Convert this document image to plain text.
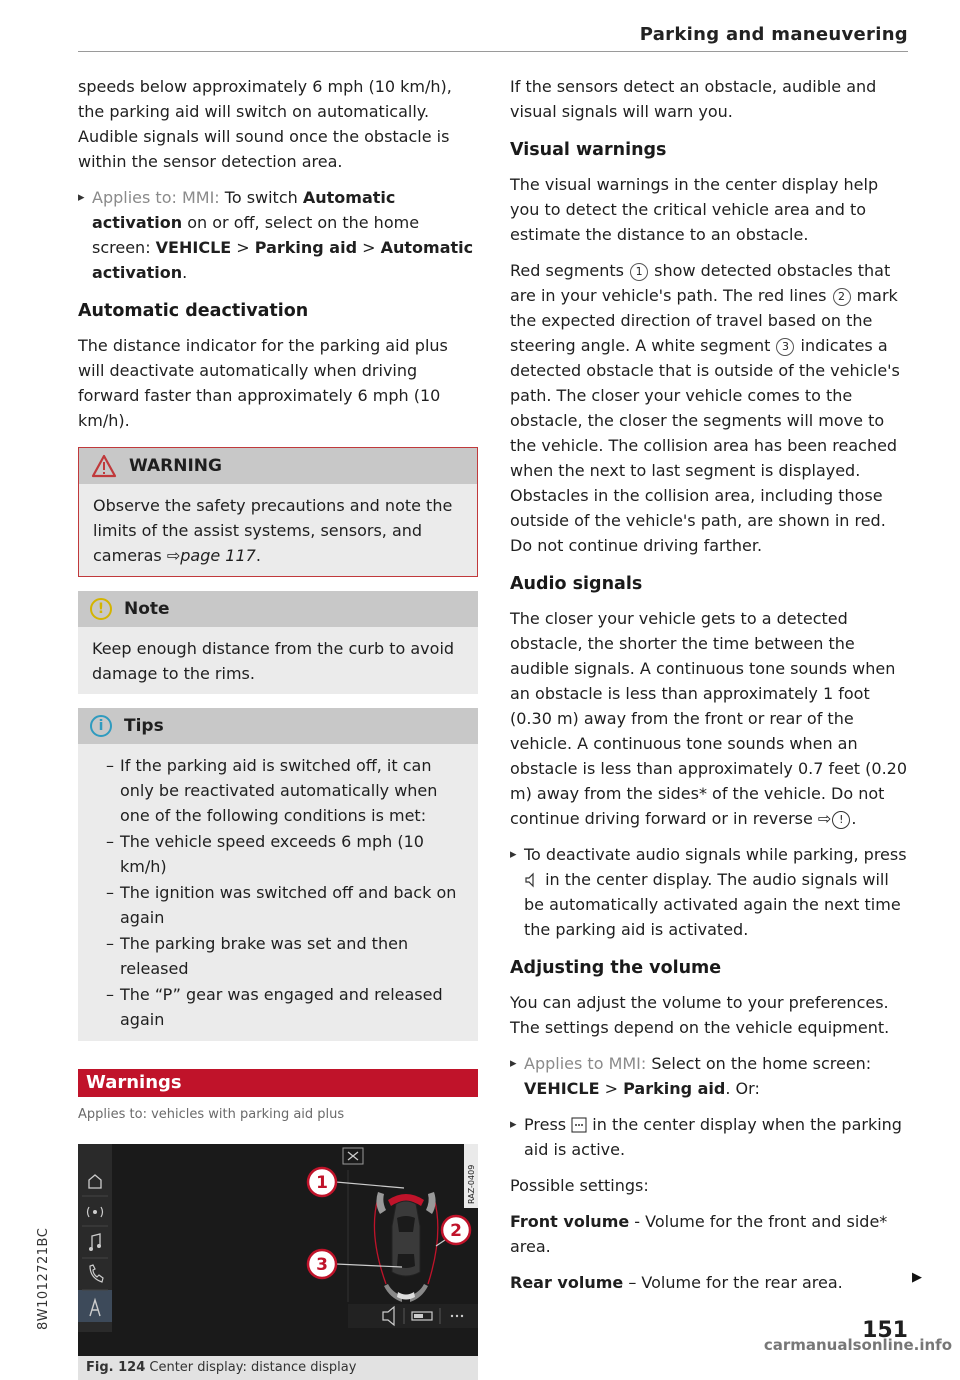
Parking and maneuvering

speeds below approximately 6 mph (10 km/h), the parking aid will switch on automatically. Audible signals will sound once the obstacle is within the sensor detection area.

▸ Applies to: MMI: To switch Automatic activation on or off, select on the home screen: VEHICLE > Parking aid > Automatic activation.
Automatic deactivation

The distance indicator for the parking aid plus will deactivate automatically when driving forward faster than approximately 6 mph (10 km/h).

WARNING
Observe the safety precautions and note the limits of the assist systems, sensors, and cameras ⇨page 117.
!	Note
Keep enough distance from the curb to avoid damage to the rims.
i	Tips
– If the parking aid is switched off, it can only be reactivated automatically when one of the following conditions is met:
– The vehicle speed exceeds 6 mph (10 km/h)
– The ignition was switched off and back on again
– The parking brake was set and then released
– The “P” gear was engaged and released again
Warnings
Applies to: vehicles with parking aid plus
1
2
3
RAZ-0409
Fig. 124 Center display: distance display

If the sensors detect an obstacle, audible and visual signals will warn you.

Visual warnings

The visual warnings in the center display help you to detect the critical vehicle area and to estimate the distance to an obstacle.

Red segments 1 show detected obstacles that are in your vehicle's path. The red lines 2 mark the expected direction of travel based on the steering angle. A white segment 3 indicates a detected obstacle that is outside of the vehicle's path. The closer your vehicle comes to the obstacle, the closer the segments will move to the vehicle. The collision area has been reached when the next to last segment is displayed. Obstacles in the collision area, including those outside of the vehicle's path, are shown in red. Do not continue driving farther.

Audio signals

The closer your vehicle gets to a detected obstacle, the shorter the time between the audible signals. A continuous tone sounds when an obstacle is less than approximately 1 foot (0.30 m) away from the front or rear of the vehicle. A continuous tone sounds when an obstacle is less than approximately 0.7 feet (0.20 m) away from the sides* of the vehicle. Do not continue driving forward or in reverse ⇨ ! .

▸ To deactivate audio signals while parking, press  in the center display. The audio signals will be automatically activated again the next time the parking aid is activated.
Adjusting the volume

You can adjust the volume to your preferences. The settings depend on the vehicle equipment.

▸ Applies to MMI: Select on the home screen: VEHICLE > Parking aid. Or:
▸ Press  in the center display when the parking aid is active.

Possible settings:

Front volume - Volume for the front and side* area.

Rear volume – Volume for the rear area.	▶
151
8W1012721BC
carmanualsonline.info
